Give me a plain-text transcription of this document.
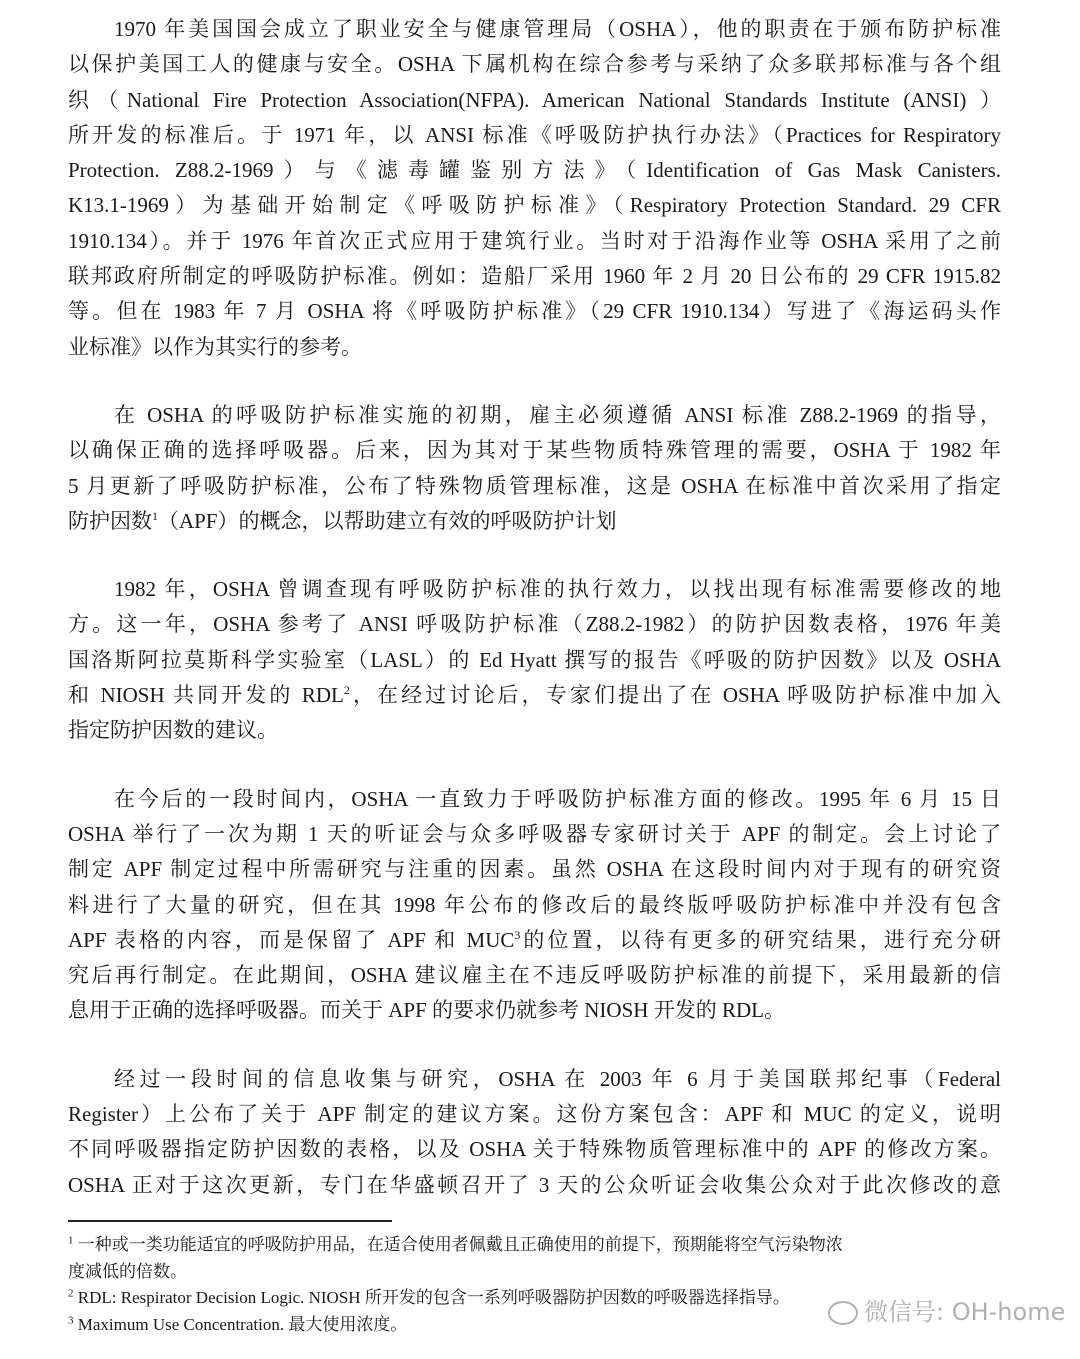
1970 年美国国会成立了职业安全与健康管理局（OSHA），他的职责在于颁布防护标准
以保护美国工人的健康与安全。OSHA 下属机构在综合参考与采纳了众多联邦标准与各个组
织（National Fire Protection Association(NFPA). American National Standards Institute (ANSI) ）
所开发的标准后。于 1971 年，以 ANSI 标准《呼吸防护执行办法》（Practices for Respiratory
Protection. Z88.2-1969）与《滤毒罐鉴别方法》（Identification of Gas Mask Canisters.
K13.1-1969）为基础开始制定《呼吸防护标准》（Respiratory Protection Standard. 29 CFR
1910.134）。并于 1976 年首次正式应用于建筑行业。当时对于沿海作业等 OSHA 采用了之前
联邦政府所制定的呼吸防护标准。例如：造船厂采用 1960 年 2 月 20 日公布的 29 CFR 1915.82
等。但在 1983 年 7 月 OSHA 将《呼吸防护标准》（29 CFR 1910.134）写进了《海运码头作
业标准》以作为其实行的参考。
在 OSHA 的呼吸防护标准实施的初期，雇主必须遵循 ANSI 标准 Z88.2-1969 的指导，
以确保正确的选择呼吸器。后来，因为其对于某些物质特殊管理的需要，OSHA 于 1982 年
5 月更新了呼吸防护标准，公布了特殊物质管理标准，这是 OSHA 在标准中首次采用了指定
防护因数$^1$（APF）的概念，以帮助建立有效的呼吸防护计划
1982 年，OSHA 曾调查现有呼吸防护标准的执行效力，以找出现有标准需要修改的地
方。这一年，OSHA 参考了 ANSI 呼吸防护标准（Z88.2-1982）的防护因数表格，1976 年美
国洛斯阿拉莫斯科学实验室（LASL）的 Ed Hyatt 撰写的报告《呼吸的防护因数》以及 OSHA
和 NIOSH 共同开发的 RDL$^2$，在经过讨论后，专家们提出了在 OSHA 呼吸防护标准中加入
指定防护因数的建议。
在今后的一段时间内，OSHA 一直致力于呼吸防护标准方面的修改。1995 年 6 月 15 日
OSHA 举行了一次为期 1 天的听证会与众多呼吸器专家研讨关于 APF 的制定。会上讨论了
制定 APF 制定过程中所需研究与注重的因素。虽然 OSHA 在这段时间内对于现有的研究资
料进行了大量的研究，但在其 1998 年公布的修改后的最终版呼吸防护标准中并没有包含
APF 表格的内容，而是保留了 APF 和 MUC$^3$的位置，以待有更多的研究结果，进行充分研
究后再行制定。在此期间，OSHA 建议雇主在不违反呼吸防护标准的前提下，采用最新的信
息用于正确的选择呼吸器。而关于 APF 的要求仍就参考 NIOSH 开发的 RDL。
经过一段时间的信息收集与研究，OSHA 在 2003 年 6 月于美国联邦纪事（Federal
Register）上公布了关于 APF 制定的建议方案。这份方案包含：APF 和 MUC 的定义，说明
不同呼吸器指定防护因数的表格，以及 OSHA 关于特殊物质管理标准中的 APF 的修改方案。
OSHA 正对于这次更新，专门在华盛顿召开了 3 天的公众听证会收集公众对于此次修改的意
$^1$ 一种或一类功能适宜的呼吸防护用品，在适合使用者佩戴且正确使用的前提下，预期能将空气污染物浓
度减低的倍数。
$^2$ RDL: Respirator Decision Logic. NIOSH 所开发的包含一系列呼吸器防护因数的呼吸器选择指导。
$^3$ Maximum Use Concentration. 最大使用浓度。	微信号: OH-home
